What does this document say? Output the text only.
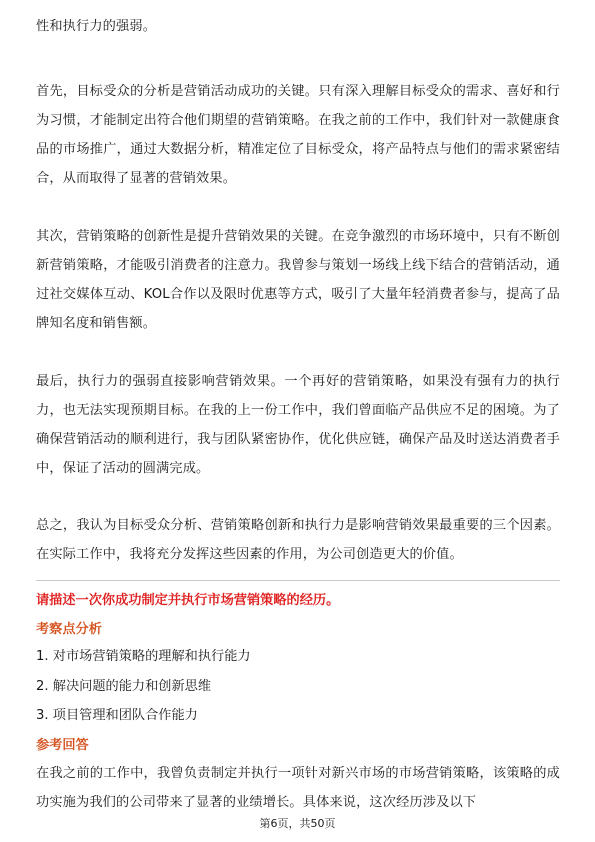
性和执行力的强弱。

首先，目标受众的分析是营销活动成功的关键。只有深入理解目标受众的需求、喜好和行为习惯，才能制定出符合他们期望的营销策略。在我之前的工作中，我们针对一款健康食品的市场推广，通过大数据分析，精准定位了目标受众，将产品特点与他们的需求紧密结合，从而取得了显著的营销效果。

其次，营销策略的创新性是提升营销效果的关键。在竞争激烈的市场环境中，只有不断创新营销策略，才能吸引消费者的注意力。我曾参与策划一场线上线下结合的营销活动，通过社交媒体互动、KOL合作以及限时优惠等方式，吸引了大量年轻消费者参与，提高了品牌知名度和销售额。

最后，执行力的强弱直接影响营销效果。一个再好的营销策略，如果没有强有力的执行力，也无法实现预期目标。在我的上一份工作中，我们曾面临产品供应不足的困境。为了确保营销活动的顺利进行，我与团队紧密协作，优化供应链，确保产品及时送达消费者手中，保证了活动的圆满完成。

总之，我认为目标受众分析、营销策略创新和执行力是影响营销效果最重要的三个因素。在实际工作中，我将充分发挥这些因素的作用，为公司创造更大的价值。

请描述一次你成功制定并执行市场营销策略的经历。

考察点分析

1. 对市场营销策略的理解和执行能力

2. 解决问题的能力和创新思维

3. 项目管理和团队合作能力

参考回答

在我之前的工作中，我曾负责制定并执行一项针对新兴市场的市场营销策略，该策略的成功实施为我们的公司带来了显著的业绩增长。具体来说，这次经历涉及以下

第6页，共50页
